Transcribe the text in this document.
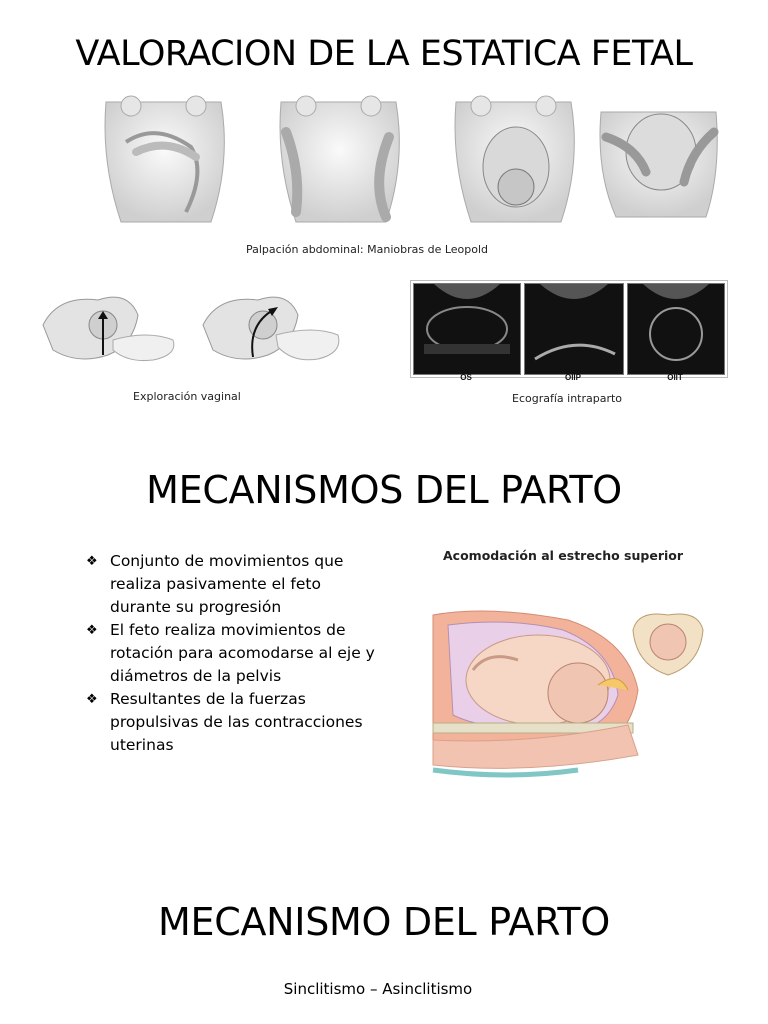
VALORACION DE LA ESTATICA FETAL
Palpación abdominal: Maniobras de Leopold
Exploración vaginal
OS	OIIP	OIIT
Ecografía intraparto
MECANISMOS DEL PARTO
❖ Conjunto de movimientos que
realiza pasivamente el feto
durante su progresión
❖ El feto realiza movimientos de
rotación para acomodarse al eje y
diámetros de la pelvis
❖ Resultantes de la fuerzas
propulsivas de las contracciones
uterinas
Acomodación al estrecho superior
MECANISMO DEL PARTO
Sinclitismo – Asinclitismo
